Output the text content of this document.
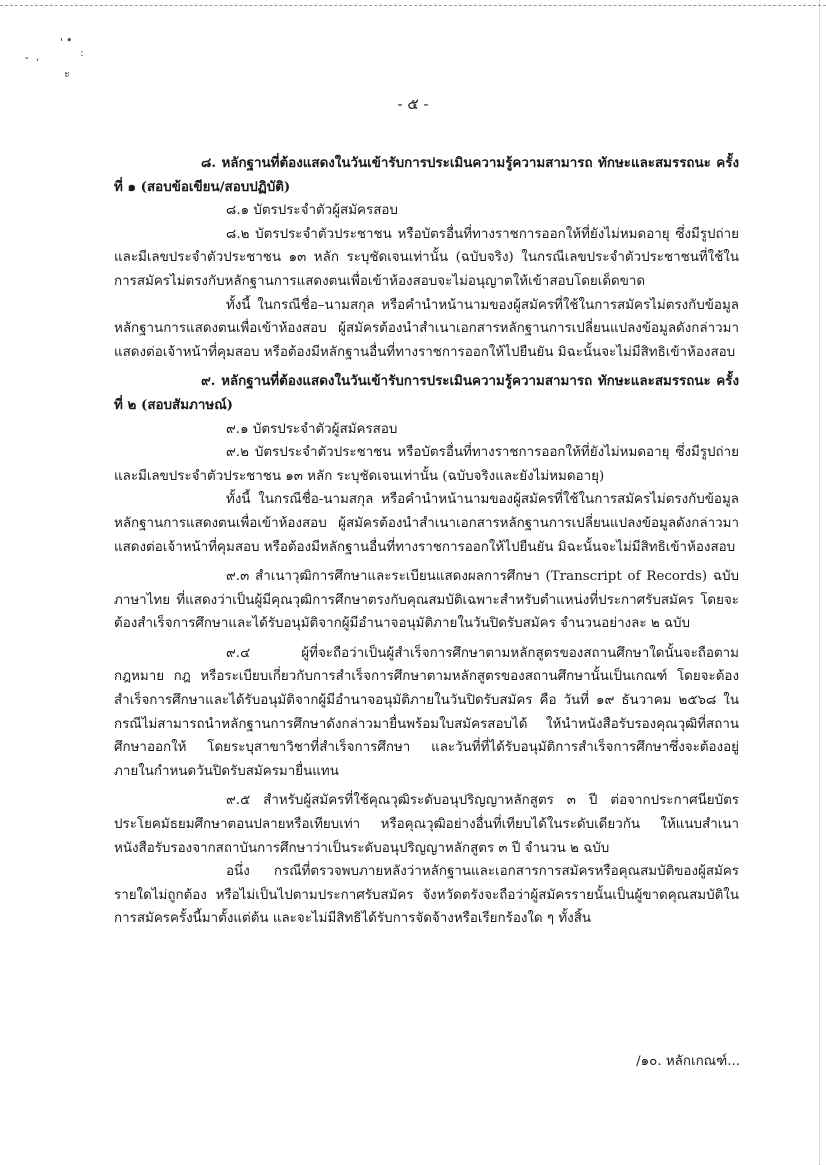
' •
:
ˇ ,
ะ
- ๕ -

๘. หลักฐานที่ต้องแสดงในวันเข้ารับการประเมินความรู้ความสามารถ ทักษะและสมรรถนะ ครั้งที่ ๑ (สอบข้อเขียน/สอบปฏิบัติ)

๘.๑ บัตรประจำตัวผู้สมัครสอบ

๘.๒ บัตรประจำตัวประชาชน หรือบัตรอื่นที่ทางราชการออกให้ที่ยังไม่หมดอายุ ซึ่งมีรูปถ่าย และมีเลขประจำตัวประชาชน ๑๓ หลัก ระบุชัดเจนเท่านั้น (ฉบับจริง) ในกรณีเลขประจำตัวประชาชนที่ใช้ในการสมัครไม่ตรงกับหลักฐานการแสดงตนเพื่อเข้าห้องสอบจะไม่อนุญาตให้เข้าสอบโดยเด็ดขาด

ทั้งนี้ ในกรณีชื่อ–นามสกุล หรือคำนำหน้านามของผู้สมัครที่ใช้ในการสมัครไม่ตรงกับข้อมูลหลักฐานการแสดงตนเพื่อเข้าห้องสอบ ผู้สมัครต้องนำสำเนาเอกสารหลักฐานการเปลี่ยนแปลงข้อมูลดังกล่าวมาแสดงต่อเจ้าหน้าที่คุมสอบ หรือต้องมีหลักฐานอื่นที่ทางราชการออกให้ไปยืนยัน มิฉะนั้นจะไม่มีสิทธิเข้าห้องสอบ

๙. หลักฐานที่ต้องแสดงในวันเข้ารับการประเมินความรู้ความสามารถ ทักษะและสมรรถนะ ครั้งที่ ๒ (สอบสัมภาษณ์)

๙.๑ บัตรประจำตัวผู้สมัครสอบ

๙.๒ บัตรประจำตัวประชาชน หรือบัตรอื่นที่ทางราชการออกให้ที่ยังไม่หมดอายุ ซึ่งมีรูปถ่าย และมีเลขประจำตัวประชาชน ๑๓ หลัก ระบุชัดเจนเท่านั้น (ฉบับจริงและยังไม่หมดอายุ)

ทั้งนี้ ในกรณีชื่อ-นามสกุล หรือคำนำหน้านามของผู้สมัครที่ใช้ในการสมัครไม่ตรงกับข้อมูลหลักฐานการแสดงตนเพื่อเข้าห้องสอบ ผู้สมัครต้องนำสำเนาเอกสารหลักฐานการเปลี่ยนแปลงข้อมูลดังกล่าวมาแสดงต่อเจ้าหน้าที่คุมสอบ หรือต้องมีหลักฐานอื่นที่ทางราชการออกให้ไปยืนยัน มิฉะนั้นจะไม่มีสิทธิเข้าห้องสอบ

๙.๓ สำเนาวุฒิการศึกษาและระเบียนแสดงผลการศึกษา (Transcript of Records) ฉบับภาษาไทย ที่แสดงว่าเป็นผู้มีคุณวุฒิการศึกษาตรงกับคุณสมบัติเฉพาะสำหรับตำแหน่งที่ประกาศรับสมัคร โดยจะต้องสำเร็จการศึกษาและได้รับอนุมัติจากผู้มีอำนาจอนุมัติภายในวันปิดรับสมัคร จำนวนอย่างละ ๒ ฉบับ

๙.๔ ผู้ที่จะถือว่าเป็นผู้สำเร็จการศึกษาตามหลักสูตรของสถานศึกษาใดนั้นจะถือตามกฎหมาย กฎ หรือระเบียบเกี่ยวกับการสำเร็จการศึกษาตามหลักสูตรของสถานศึกษานั้นเป็นเกณฑ์ โดยจะต้องสำเร็จการศึกษาและได้รับอนุมัติจากผู้มีอำนาจอนุมัติภายในวันปิดรับสมัคร คือ วันที่ ๑๙ ธันวาคม ๒๕๖๘ ในกรณีไม่สามารถนำหลักฐานการศึกษาดังกล่าวมายื่นพร้อมใบสมัครสอบได้ ให้นำหนังสือรับรองคุณวุฒิที่สถานศึกษาออกให้ โดยระบุสาขาวิชาที่สำเร็จการศึกษา และวันที่ที่ได้รับอนุมัติการสำเร็จการศึกษาซึ่งจะต้องอยู่ภายในกำหนดวันปิดรับสมัครมายื่นแทน

๙.๕ สำหรับผู้สมัครที่ใช้คุณวุฒิระดับอนุปริญญาหลักสูตร ๓ ปี ต่อจากประกาศนียบัตรประโยคมัธยมศึกษาตอนปลายหรือเทียบเท่า หรือคุณวุฒิอย่างอื่นที่เทียบได้ในระดับเดียวกัน ให้แนบสำเนาหนังสือรับรองจากสถาบันการศึกษาว่าเป็นระดับอนุปริญญาหลักสูตร ๓ ปี จำนวน ๒ ฉบับ

อนึ่ง กรณีที่ตรวจพบภายหลังว่าหลักฐานและเอกสารการสมัครหรือคุณสมบัติของผู้สมัครรายใดไม่ถูกต้อง หรือไม่เป็นไปตามประกาศรับสมัคร จังหวัดตรังจะถือว่าผู้สมัครรายนั้นเป็นผู้ขาดคุณสมบัติในการสมัครครั้งนี้มาตั้งแต่ต้น และจะไม่มีสิทธิได้รับการจัดจ้างหรือเรียกร้องใด ๆ ทั้งสิ้น

/๑๐. หลักเกณฑ์...
